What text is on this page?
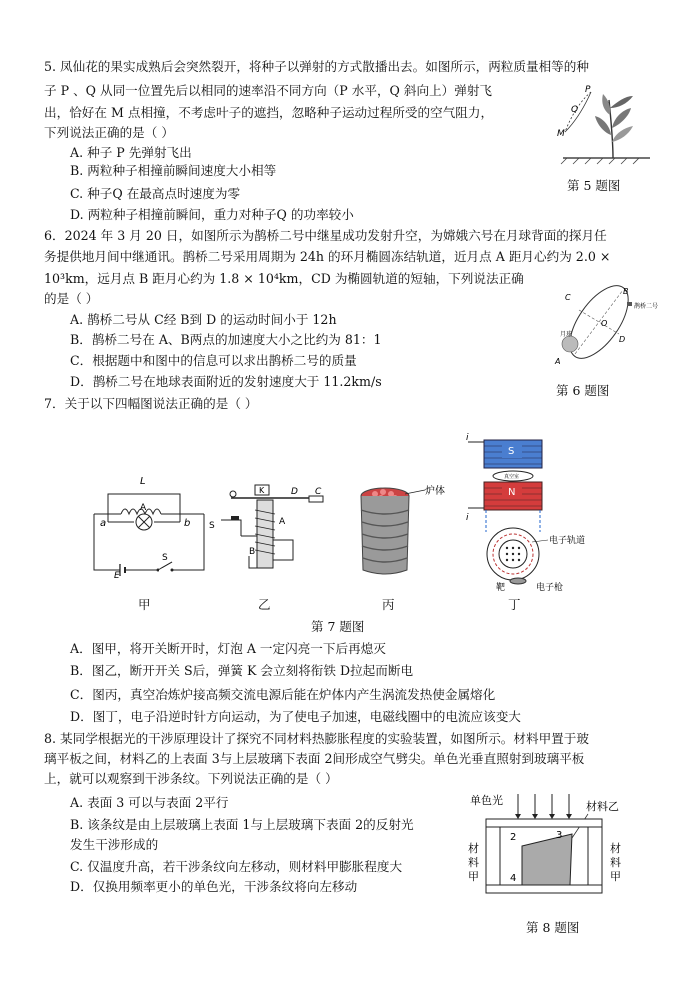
5. 凤仙花的果实成熟后会突然裂开，将种子以弹射的方式散播出去。如图所示，两粒质量相等的种
子 P 、Q 从同一位置先后以相同的速率沿不同方向（P 水平，Q 斜向上）弹射飞
出，恰好在 M 点相撞，不考虑叶子的遮挡，忽略种子运动过程所受的空气阻力，
下列说法正确的是（ ）
A. 种子 P 先弹射飞出
B. 两粒种子相撞前瞬间速度大小相等
C. 种子Q 在最高点时速度为零
D. 两粒种子相撞前瞬间，重力对种子Q 的功率较小
P
Q
M
第 5 题图
6．2024 年 3 月 20 日，如图所示为鹊桥二号中继星成功发射升空，为嫦娥六号在月球背面的探月任
务提供地月间中继通讯。鹊桥二号采用周期为 24h 的环月椭圆冻结轨道，近月点 A 距月心约为 2.0 ×
10³km，远月点 B 距月心约为 1.8 × 10⁴km，CD 为椭圆轨道的短轴，下列说法正确
的是（ ）
A. 鹊桥二号从 C经 B到 D 的运动时间小于 12h
B．鹊桥二号在 A、B两点的加速度大小之比约为 81：1
C．根据题中和图中的信息可以求出鹊桥二号的质量
D．鹊桥二号在地球表面附近的发射速度大于 11.2km/s
C
B
O
D
A
月球
鹊桥二号
第 6 题图
7．关于以下四幅图说法正确的是（ ）
L
a
A
b
E
S
甲
K	D C
S	A
B
乙
炉体
丙
S
真空室
N
i
i
电子轨道
靶	电子枪
丁
第 7 题图
A．图甲，将开关断开时，灯泡 A 一定闪亮一下后再熄灭
B．图乙，断开开关 S后，弹簧 K 会立刻将衔铁 D拉起而断电
C．图丙，真空冶炼炉接高频交流电源后能在炉体内产生涡流发热使金属熔化
D．图丁，电子沿逆时针方向运动，为了使电子加速，电磁线圈中的电流应该变大
8. 某同学根据光的干涉原理设计了探究不同材料热膨胀程度的实验装置，如图所示。材料甲置于玻
璃平板之间，材料乙的上表面 3与上层玻璃下表面 2间形成空气劈尖。单色光垂直照射到玻璃平板
上，就可以观察到干涉条纹。下列说法正确的是（ ）
A. 表面 3 可以与表面 2平行
B. 该条纹是由上层玻璃上表面 1与上层玻璃下表面 2的反射光
发生干涉形成的
C. 仅温度升高，若干涉条纹向左移动，则材料甲膨胀程度大
D．仅换用频率更小的单色光，干涉条纹将向左移动
单色光	材料乙
2	3
4
材
料
甲
材
料
甲
第 8 题图
